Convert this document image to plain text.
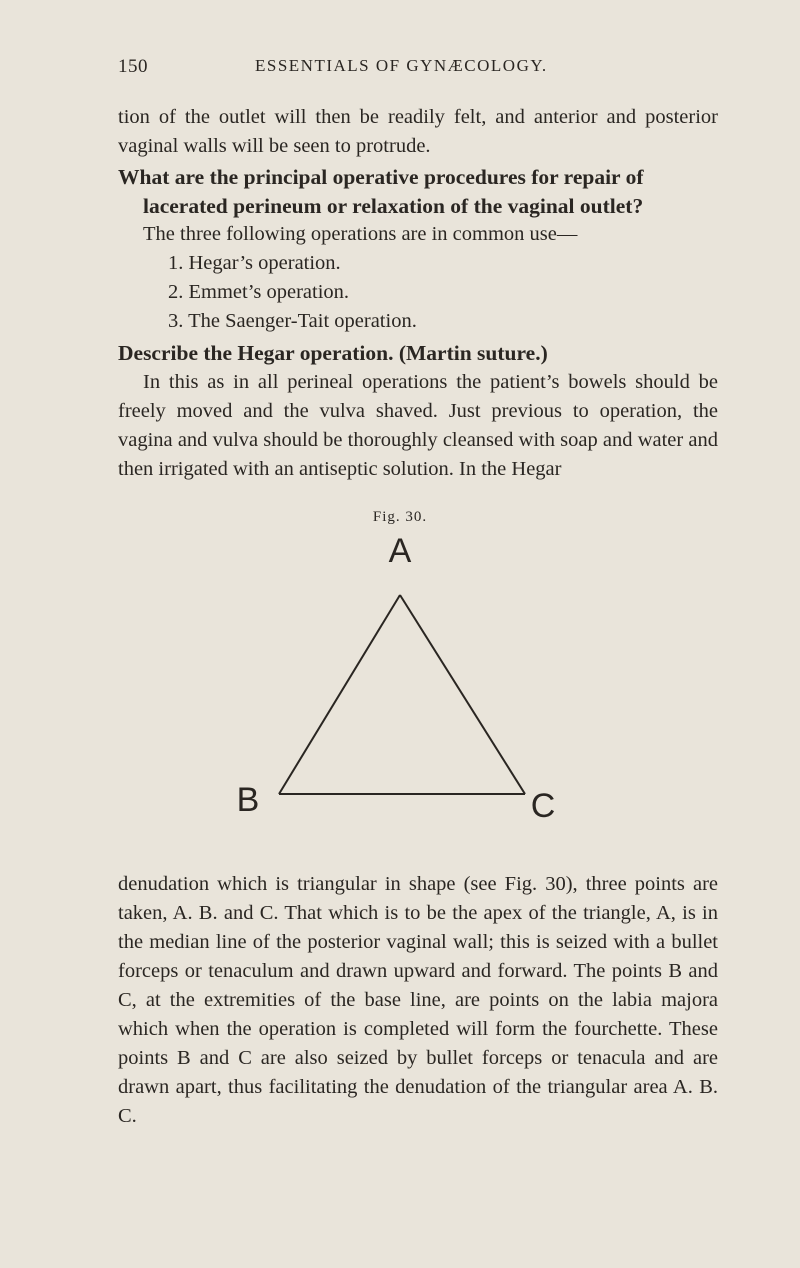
150	ESSENTIALS OF GYNÆCOLOGY.
tion of the outlet will then be readily felt, and anterior and posterior vaginal walls will be seen to protrude.
What are the principal operative procedures for repair of
lacerated perineum or relaxation of the vaginal outlet?
The three following operations are in common use—
1. Hegar’s operation.
2. Emmet’s operation.
3. The Saenger-Tait operation.
Describe the Hegar operation. (Martin suture.)
In this as in all perineal operations the patient’s bowels should be freely moved and the vulva shaved. Just previous to operation, the vagina and vulva should be thoroughly cleansed with soap and water and then irrigated with an antiseptic solution. In the Hegar
Fig. 30.
A
B	C
denudation which is triangular in shape (see Fig. 30), three points are taken, A. B. and C. That which is to be the apex of the triangle, A, is in the median line of the posterior vaginal wall; this is seized with a bullet forceps or tenaculum and drawn upward and forward. The points B and C, at the extremities of the base line, are points on the labia majora which when the operation is completed will form the fourchette. These points B and C are also seized by bullet forceps or tenacula and are drawn apart, thus facilitating the denudation of the triangular area A. B. C.
